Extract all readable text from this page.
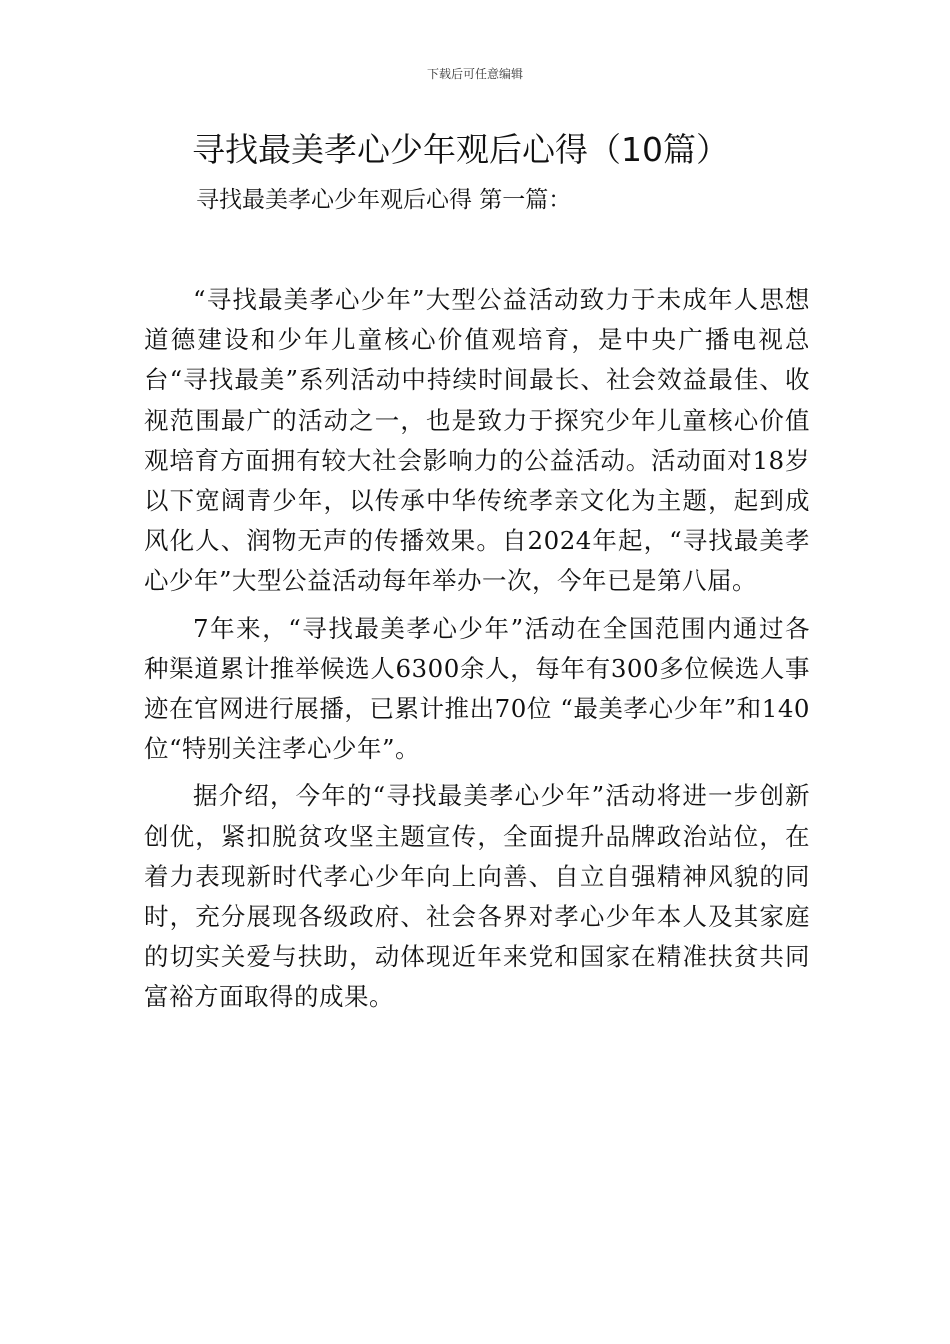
下载后可任意编辑
寻找最美孝心少年观后心得（10篇）
寻找最美孝心少年观后心得 第一篇：

“寻找最美孝心少年”大型公益活动致力于未成年人思想道德建设和少年儿童核心价值观培育，是中央广播电视总台“寻找最美”系列活动中持续时间最长、社会效益最佳、收视范围最广的活动之一，也是致力于探究少年儿童核心价值观培育方面拥有较大社会影响力的公益活动。活动面对18岁以下宽阔青少年，以传承中华传统孝亲文化为主题，起到成风化人、润物无声的传播效果。自2024年起，“寻找最美孝心少年”大型公益活动每年举办一次，今年已是第八届。

7年来，“寻找最美孝心少年”活动在全国范围内通过各种渠道累计推举候选人6300余人，每年有300多位候选人事迹在官网进行展播，已累计推出70位 “最美孝心少年”和140位“特别关注孝心少年”。

据介绍，今年的“寻找最美孝心少年”活动将进一步创新创优，紧扣脱贫攻坚主题宣传，全面提升品牌政治站位，在着力表现新时代孝心少年向上向善、自立自强精神风貌的同时，充分展现各级政府、社会各界对孝心少年本人及其家庭的切实关爱与扶助，动体现近年来党和国家在精准扶贫共同富裕方面取得的成果。
